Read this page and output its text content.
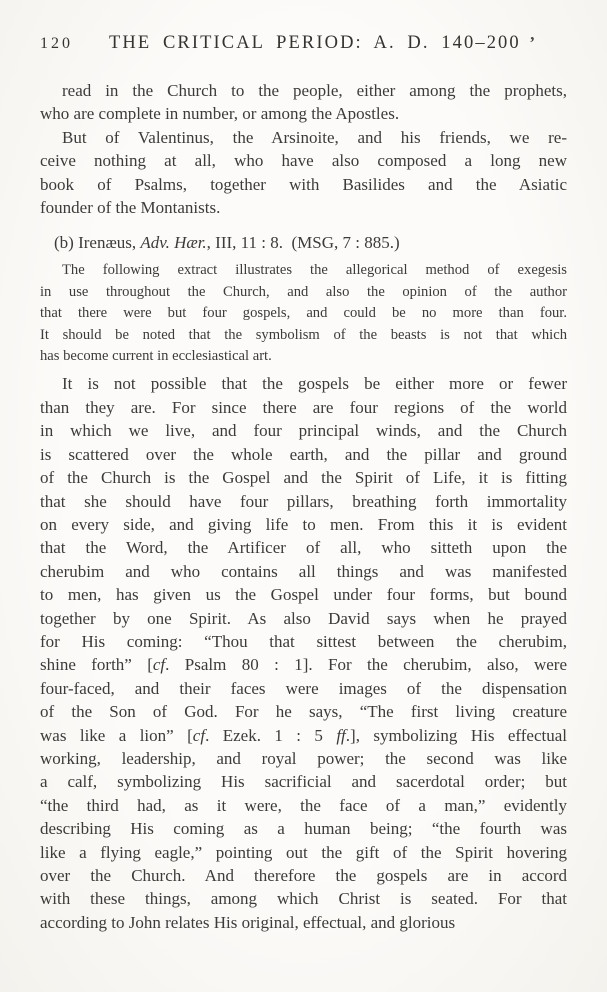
120 THE CRITICAL PERIOD: A. D. 140–200 ’
read in the Church to the people, either among the prophets,
who are complete in number, or among the Apostles.
But of Valentinus, the Arsinoite, and his friends, we re-
ceive nothing at all, who have also composed a long new
book of Psalms, together with Basilides and the Asiatic
founder of the Montanists.
(b) Irenæus, Adv. Hær., III, 11 : 8.  (MSG, 7 : 885.)
The following extract illustrates the allegorical method of exegesis
in use throughout the Church, and also the opinion of the author
that there were but four gospels, and could be no more than four.
It should be noted that the symbolism of the beasts is not that which
has become current in ecclesiastical art.
It is not possible that the gospels be either more or fewer
than they are. For since there are four regions of the world
in which we live, and four principal winds, and the Church
is scattered over the whole earth, and the pillar and ground
of the Church is the Gospel and the Spirit of Life, it is fitting
that she should have four pillars, breathing forth immortality
on every side, and giving life to men. From this it is evident
that the Word, the Artificer of all, who sitteth upon the
cherubim and who contains all things and was manifested
to men, has given us the Gospel under four forms, but bound
together by one Spirit. As also David says when he prayed
for His coming: “Thou that sittest between the cherubim,
shine forth” [cf. Psalm 80 : 1]. For the cherubim, also, were
four-faced, and their faces were images of the dispensation
of the Son of God. For he says, “The first living creature
was like a lion” [cf. Ezek. 1 : 5 ff.], symbolizing His effectual
working, leadership, and royal power; the second was like
a calf, symbolizing His sacrificial and sacerdotal order; but
“the third had, as it were, the face of a man,” evidently
describing His coming as a human being; “the fourth was
like a flying eagle,” pointing out the gift of the Spirit hovering
over the Church. And therefore the gospels are in accord
with these things, among which Christ is seated. For that
according to John relates His original, effectual, and glorious
